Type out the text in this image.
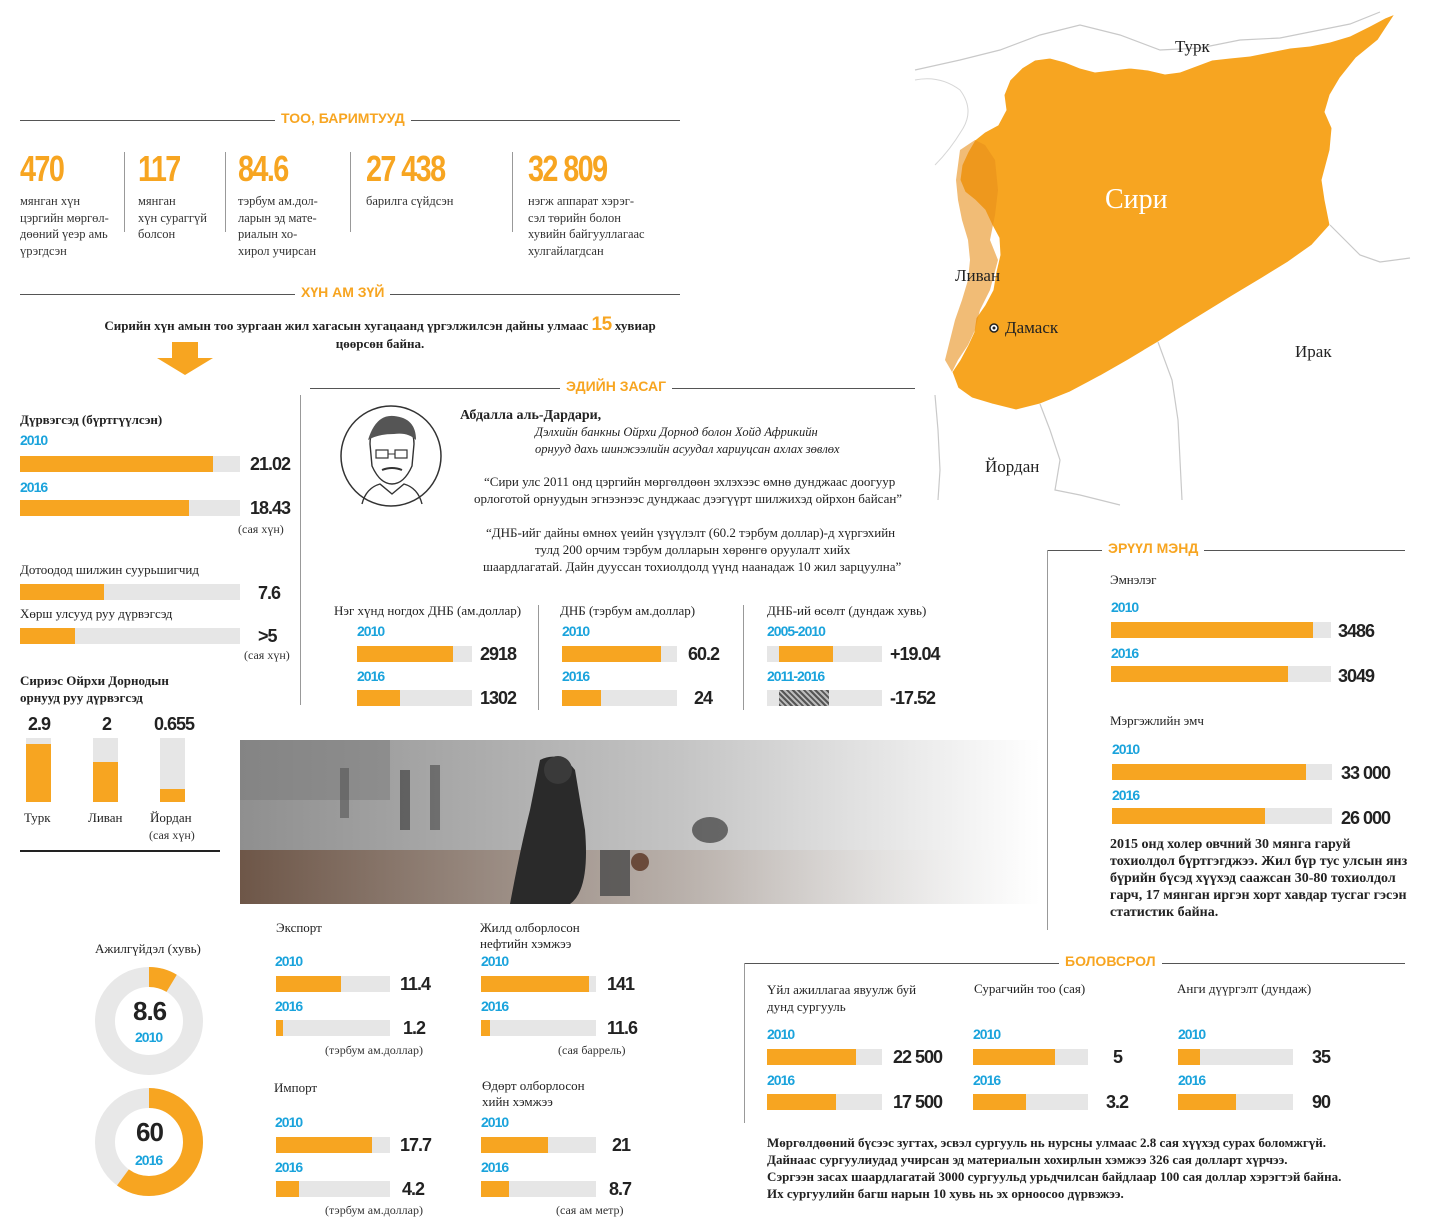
Сири
Турк
Ливан
Дамаск
Ирак
Йордан
ТОО, БАРИМТУУД
470
мянган хүн
цэргийн мөргөл-
дөөний үеэр амь
үрэгдсэн
117
мянган
хүн сураггүй
болсон
84.6
тэрбум ам.дол-
ларын эд мате-
риалын хо-
хирол учирсан
27 438
барилга сүйдсэн
32 809
нэгж аппарат хэрэг-
сэл төрийн болон
хувийн байгууллагаас
хулгайлагдсан
ХҮН АМ ЗҮЙ
Сирийн хүн амын тоо зургаан жил хагасын хугацаанд үргэлжилсэн дайны улмаас 15 хувиар
цөөрсөн байна.
Дүрвэгсэд (бүртгүүлсэн)
2010
21.02
2016
18.43
(сая хүн)
Дотоодод шилжин суурьшигчид
7.6
Хөрш улсууд руу дүрвэгсэд
>5
(сая хүн)
Сириэс Ойрхи Дорнодын орнууд руу дүрвэгсэд
2.9	2 0.655
Турк	Ливан Йордан
(сая хүн)
ЭДИЙН ЗАСАГ
Абдалла аль-Дардари,
Дэлхийн банкны Ойрхи Дорнод болон Хойд Африкийн
орнууд дахь шинжээлийн асуудал хариуцсан ахлах зөвлөх
“Сири улс 2011 онд цэргийн мөргөлдөөн эхлэхээс өмнө дунджаас доогуур
орлоготой орнуудын эгнээнээс дунджаас дээгүүрт шилжихэд ойрхон байсан”
“ДНБ-ийг дайны өмнөх үеийн үзүүлэлт (60.2 тэрбум доллар)-д хүргэхийн
тулд 200 орчим тэрбум долларын хөрөнгө оруулалт хийх
шаардлагатай. Дайн дууссан тохиолдолд үүнд наанадаж 10 жил зарцуулна”
Нэг хүнд ногдох ДНБ (ам.доллар)
2010
2918
2016
1302
ДНБ (тэрбум ам.доллар)
2010
60.2
2016
24
ДНБ-ий өсөлт (дундаж хувь)
2005-2010
+19.04
2011-2016
-17.52
ЭРҮҮЛ МЭНД
Эмнэлэг
2010
3486
2016
3049
Мэргэжлийн эмч
2010
33 000
2016
26 000
2015 онд холер овчний 30 мянга гаруй тохиолдол бүртгэгджээ. Жил бүр тус улсын янз бүрийн бүсэд хүүхэд саажсан 30-80 тохиолдол гарч, 17 мянган иргэн хорт хавдар тусгаг гэсэн статистик байна.
Ажилгүйдэл (хувь)
8.6
2010
60
2016
Экспорт
2010
11.4
2016
1.2
(тэрбум ам.доллар)
Импорт
2010
17.7
2016
4.2
(тэрбум ам.доллар)
Жилд олборлосон нефтийн хэмжээ
2010
141
2016
11.6
(сая баррель)
Өдөрт олборлосон хийн хэмжээ
2010
21
2016
8.7
(сая ам метр)
БОЛОВСРОЛ
Үйл ажиллагаа явуулж буй дунд сургууль
2010
22 500
2016
17 500
Сурагчийн тоо (сая)
2010
5
2016
3.2
Анги дүүргэлт (дундаж)
2010
35
2016
90
Мөргөлдөөний бүсээс зугтах, эсвэл сургууль нь нурсны улмаас 2.8 сая хүүхэд сурах боломжгүй.
Дайнаас сургуулиудад учирсан эд материалын хохирлын хэмжээ 326 сая долларт хүрчээ.
Сэргээн засах шаардлагатай 3000 сургуульд урьдчилсан байдлаар 100 сая доллар хэрэгтэй байна.
Их сургуулийн багш нарын 10 хувь нь эх орноосоо дүрвэжээ.
